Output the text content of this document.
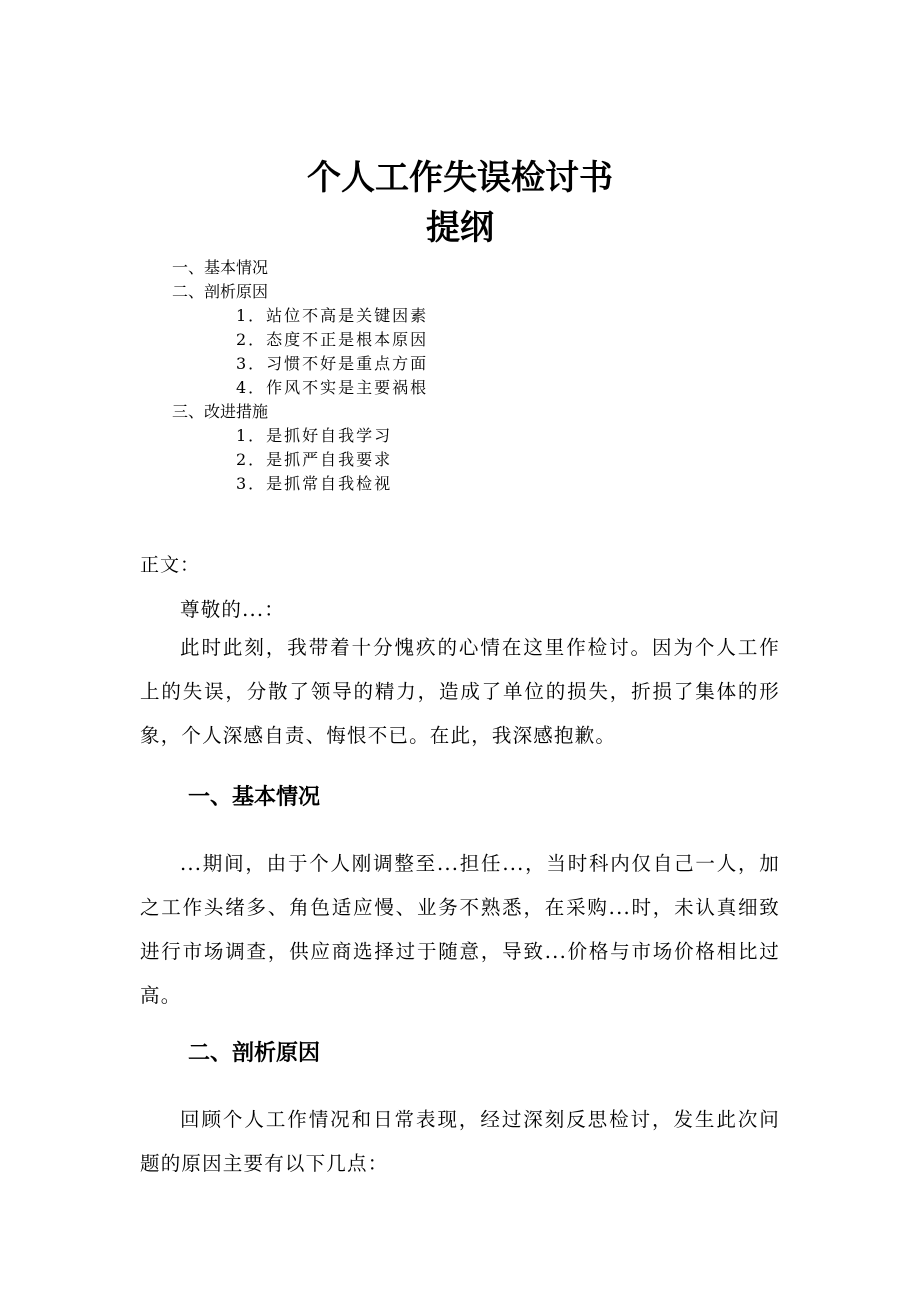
个人工作失误检讨书
提纲
一、基本情况
二、剖析原因
1．站位不高是关键因素
2．态度不正是根本原因
3．习惯不好是重点方面
4．作风不实是主要祸根
三、改进措施
1．是抓好自我学习
2．是抓严自我要求
3．是抓常自我检视
正文：

尊敬的...：

此时此刻，我带着十分愧疚的心情在这里作检讨。因为个人工作上的失误，分散了领导的精力，造成了单位的损失，折损了集体的形象，个人深感自责、悔恨不已。在此，我深感抱歉。

一、基本情况

...期间，由于个人刚调整至...担任...，当时科内仅自己一人，加之工作头绪多、角色适应慢、业务不熟悉，在采购...时，未认真细致进行市场调查，供应商选择过于随意，导致...价格与市场价格相比过高。

二、剖析原因

回顾个人工作情况和日常表现，经过深刻反思检讨，发生此次问题的原因主要有以下几点：
